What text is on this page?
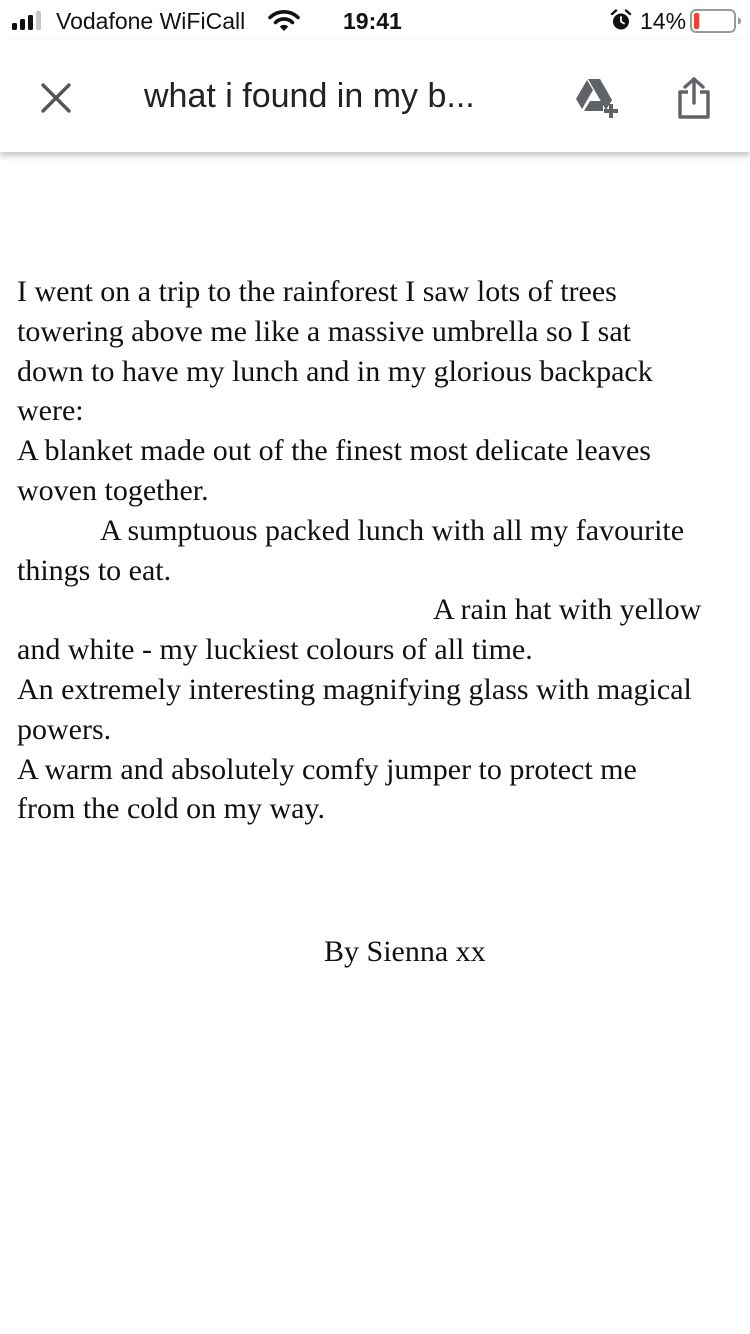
Vodafone WiFiCall	19:41	14%
what i found in my b...

I went on a trip to the rainforest I saw lots of trees

towering above me like a massive umbrella so I sat

down to have my lunch and in my glorious backpack

were:

A blanket made out of the finest most delicate leaves

woven together.

A sumptuous packed lunch with all my favourite

things to eat.

A rain hat with yellow

and white - my luckiest colours of all time.

An extremely interesting magnifying glass with magical

powers.

A warm and absolutely comfy jumper to protect me

from the cold on my way.

By Sienna xx
